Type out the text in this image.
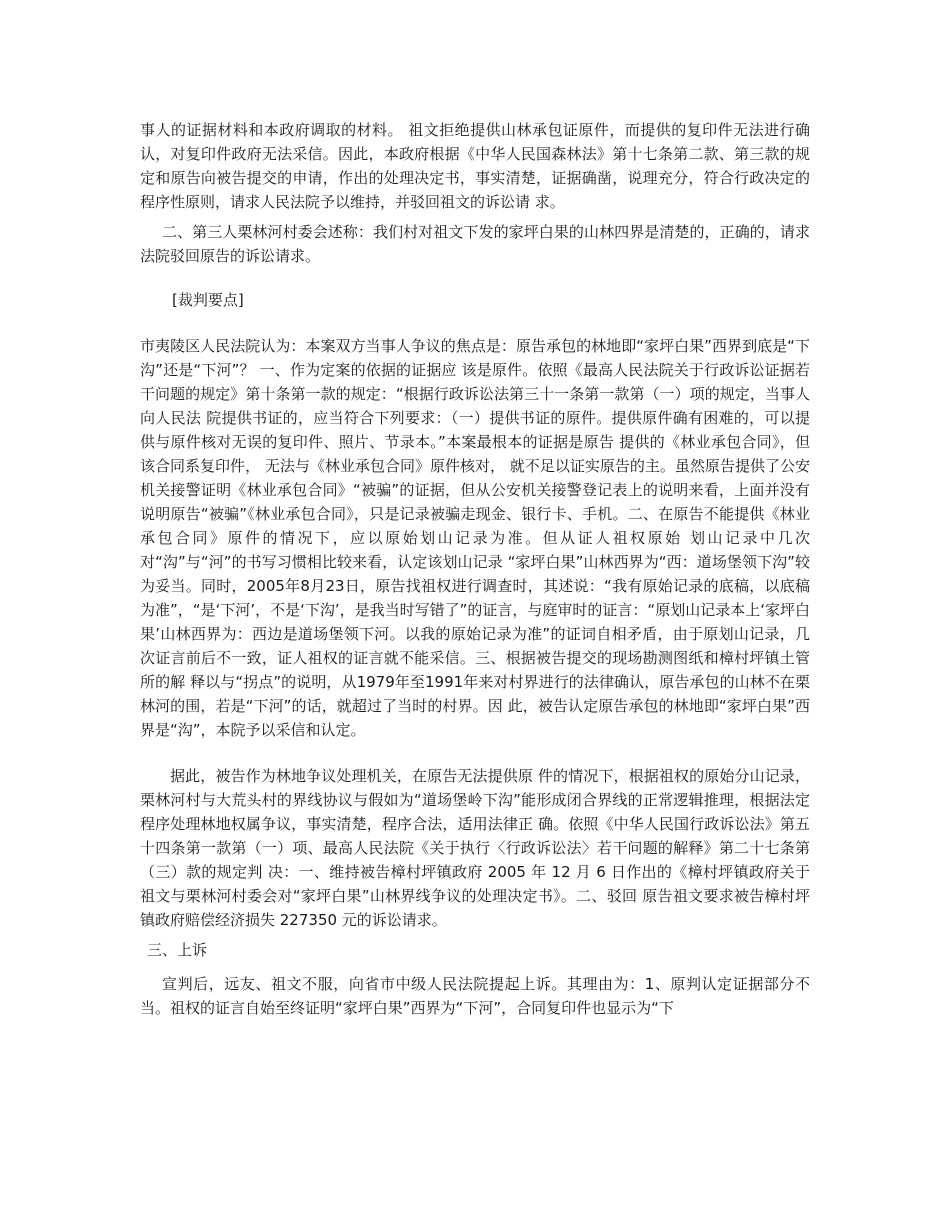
事人的证据材料和本政府调取的材料。 祖文拒绝提供山林承包证原件，而提供的复印件无法进行确认，对复印件政府无法采信。因此，本政府根据《中华人民国森林法》第十七条第二款、第三款的规 定和原告向被告提交的申请，作出的处理决定书，事实清楚，证据确凿，说理充分，符合行政决定的程序性原则，请求人民法院予以维持，并驳回祖文的诉讼请 求。

二、第三人栗林河村委会述称：我们村对祖文下发的家坪白果的山林四界是清楚的，正确的，请求法院驳回原告的诉讼请求。

[裁判要点]

市夷陵区人民法院认为：本案双方当事人争议的焦点是：原告承包的林地即“家坪白果”西界到底是“下沟”还是“下河”？ 一、作为定案的依据的证据应 该是原件。依照《最高人民法院关于行政诉讼证据若干问题的规定》第十条第一款的规定：“根据行政诉讼法第三十一条第一款第（一）项的规定，当事人向人民法 院提供书证的，应当符合下列要求：（一）提供书证的原件。提供原件确有困难的，可以提供与原件核对无误的复印件、照片、节录本。”本案最根本的证据是原告 提供的《林业承包合同》，但该合同系复印件， 无法与《林业承包合同》原件核对， 就不足以证实原告的主。虽然原告提供了公安机关接警证明《林业承包合同》“被骗”的证据，但从公安机关接警登记表上的说明来看，上面并没有说明原告“被骗”《林业承包合同》，只是记录被骗走现金、银行卡、手机。二、在原告不能提供《林业承包合同》原件的情况下，应以原始划山记录为准。但从证人祖权原始 划山记录中几次对“沟”与“河”的书写习惯相比较来看，认定该划山记录 “家坪白果”山林西界为“西：道场堡领下沟”较为妥当。同时，2005年8月23日，原告找祖权进行调查时，其述说：“我有原始记录的底稿，以底稿 为准”，“是‘下河’，不是‘下沟’，是我当时写错了”的证言，与庭审时的证言：“原划山记录本上‘家坪白果’山林西界为：西边是道场堡领下河。以我的原始记录为准”的证词自相矛盾，由于原划山记录，几次证言前后不一致，证人祖权的证言就不能采信。三、根据被告提交的现场勘测图纸和樟村坪镇土管所的解 释以与“拐点”的说明，从1979年至1991年来对村界进行的法律确认，原告承包的山林不在栗林河的围，若是“下河”的话，就超过了当时的村界。因 此，被告认定原告承包的林地即“家坪白果”西界是“沟”，本院予以采信和认定。

据此，被告作为林地争议处理机关，在原告无法提供原 件的情况下，根据祖权的原始分山记录， 栗林河村与大荒头村的界线协议与假如为“道场堡岭下沟”能形成闭合界线的正常逻辑推理，根据法定程序处理林地权属争议，事实清楚，程序合法，适用法律正 确。依照《中华人民国行政诉讼法》第五十四条第一款第（一）项、最高人民法院《关于执行〈行政诉讼法〉若干问题的解释》第二十七条第（三）款的规定判 决：一、维持被告樟村坪镇政府 2005 年 12 月 6 日作出的《樟村坪镇政府关于祖文与栗林河村委会对“家坪白果”山林界线争议的处理决定书》。二、驳回 原告祖文要求被告樟村坪镇政府赔偿经济损失 227350 元的诉讼请求。

三、上诉

宣判后，远友、祖文不服，向省市中级人民法院提起上诉。其理由为：1、原判认定证据部分不当。祖权的证言自始至终证明“家坪白果”西界为“下河”，合同复印件也显示为“下
